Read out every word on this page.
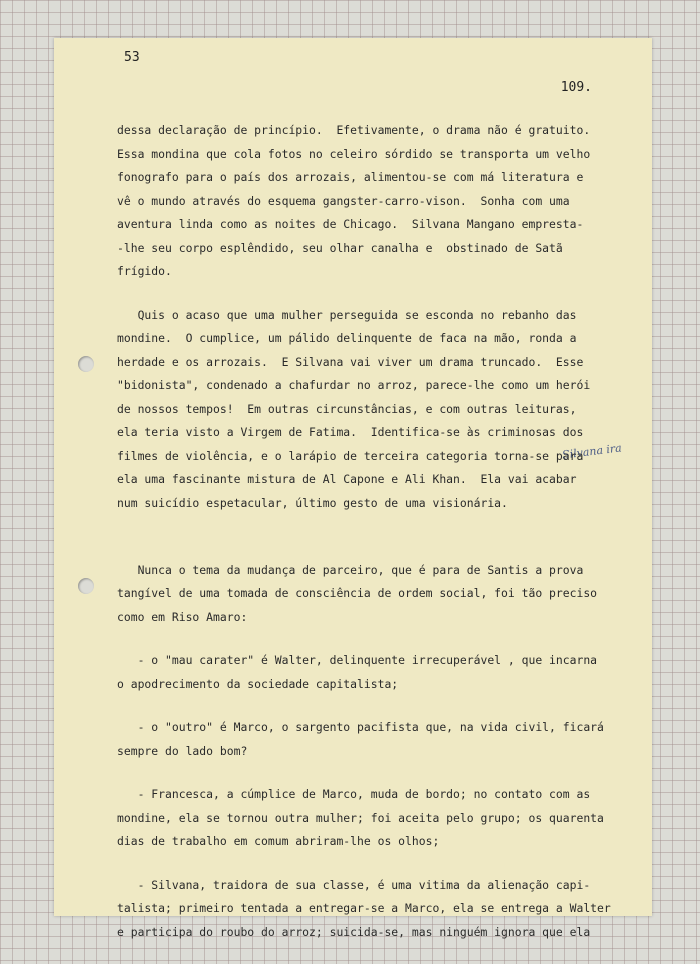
53
109.
Silvana ira
dessa declaração de princípio.  Efetivamente, o drama não é gratuito.
Essa mondina que cola fotos no celeiro sórdido se transporta um velho
fonografo para o país dos arrozais, alimentou-se com má literatura e
vê o mundo através do esquema gangster-carro-vison.  Sonha com uma
aventura linda como as noites de Chicago.  Silvana Mangano empresta-
-lhe seu corpo esplêndido, seu olhar canalha e  obstinado de Satã
frígido.
Quis o acaso que uma mulher perseguida se esconda no rebanho das
mondine.  O cumplice, um pálido delinquente de faca na mão, ronda a
herdade e os arrozais.  E Silvana vai viver um drama truncado.  Esse
"bidonista", condenado a chafurdar no arroz, parece-lhe como um herói
de nossos tempos!  Em outras circunstâncias, e com outras leituras,
ela teria visto a Virgem de Fatima.  Identifica-se às criminosas dos
filmes de violência, e o larápio de terceira categoria torna-se para
ela uma fascinante mistura de Al Capone e Ali Khan.  Ela vai acabar
num suicídio espetacular, último gesto de uma visionária.
Nunca o tema da mudança de parceiro, que é para de Santis a prova
tangível de uma tomada de consciência de ordem social, foi tão preciso
como em Riso Amaro:
- o "mau carater" é Walter, delinquente irrecuperável , que incarna
o apodrecimento da sociedade capitalista;
- o "outro" é Marco, o sargento pacifista que, na vida civil, ficará
sempre do lado bom?
- Francesca, a cúmplice de Marco, muda de bordo; no contato com as
mondine, ela se tornou outra mulher; foi aceita pelo grupo; os quarenta
dias de trabalho em comum abriram-lhe os olhos;
- Silvana, traidora de sua classe, é uma vitima da alienação capi-
talista; primeiro tentada a entregar-se a Marco, ela se entrega a Walter
e participa do roubo do arroz; suicida-se, mas ninguém ignora que ela
